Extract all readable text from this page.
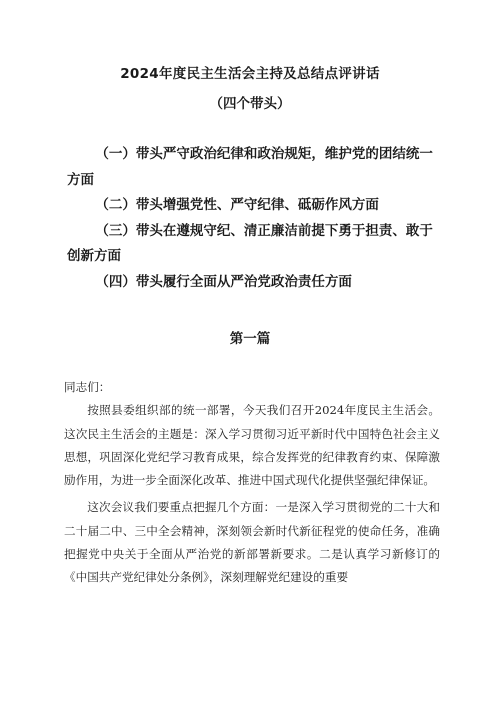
2024年度民主生活会主持及总结点评讲话
（四个带头）
（一）带头严守政治纪律和政治规矩，维护党的团结统一方面
（二）带头增强党性、严守纪律、砥砺作风方面
（三）带头在遵规守纪、清正廉洁前提下勇于担责、敢于创新方面
（四）带头履行全面从严治党政治责任方面
第一篇

同志们：

按照县委组织部的统一部署，今天我们召开2024年度民主生活会。这次民主生活会的主题是：深入学习贯彻习近平新时代中国特色社会主义思想，巩固深化党纪学习教育成果，综合发挥党的纪律教育约束、保障激励作用，为进一步全面深化改革、推进中国式现代化提供坚强纪律保证。

这次会议我们要重点把握几个方面：一是深入学习贯彻党的二十大和二十届二中、三中全会精神，深刻领会新时代新征程党的使命任务，准确把握党中央关于全面从严治党的新部署新要求。二是认真学习新修订的《中国共产党纪律处分条例》，深刻理解党纪建设的重要
